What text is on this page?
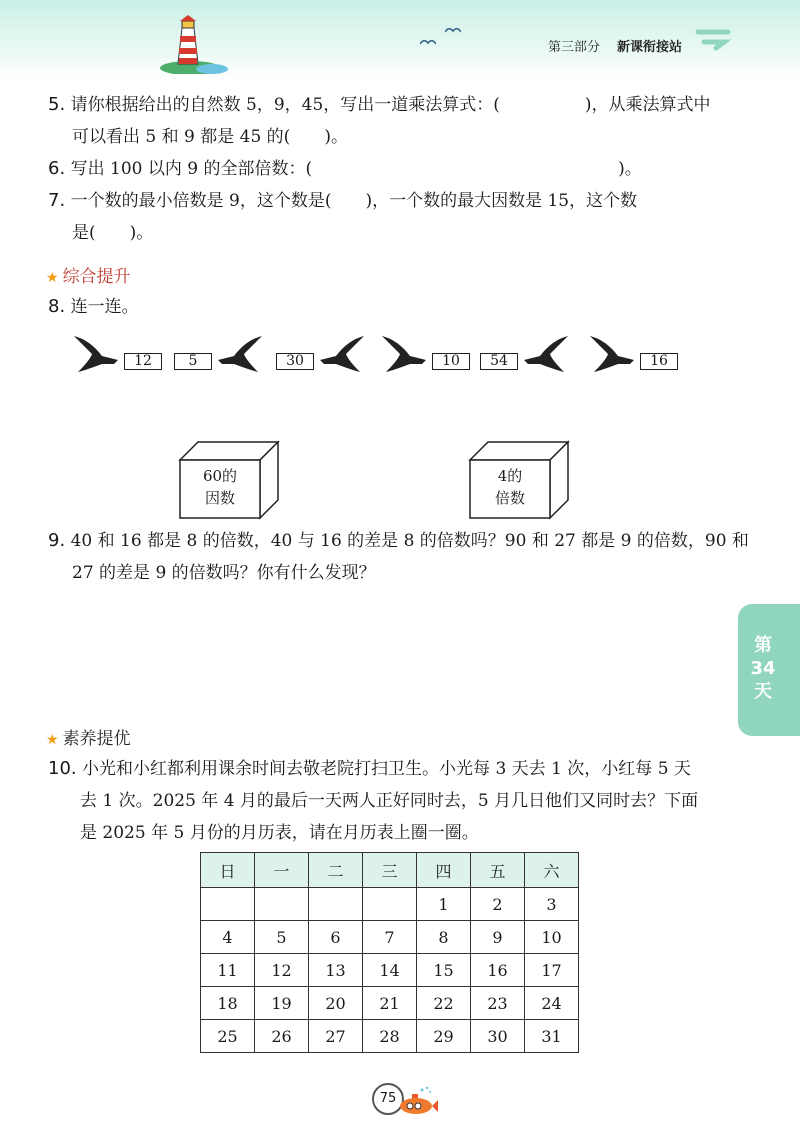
第三部分 新课衔接站
5. 请你根据给出的自然数 5，9，45，写出一道乘法算式：(　　　　　)，从乘法算式中
可以看出 5 和 9 都是 45 的(　　)。
6. 写出 100 以内 9 的全部倍数：(　　　　　　　　　　　　　　　　　　)。
7. 一个数的最小倍数是 9，这个数是(　　)，一个数的最大因数是 15，这个数
是(　　)。
★ 综合提升
8. 连一连。
12	5	30	10	54	16
60的
因数
4的
倍数
9. 40 和 16 都是 8 的倍数，40 与 16 的差是 8 的倍数吗？90 和 27 都是 9 的倍数，90 和
27 的差是 9 的倍数吗？你有什么发现？
第34天
★ 素养提优
10. 小光和小红都利用课余时间去敬老院打扫卫生。小光每 3 天去 1 次，小红每 5 天
去 1 次。2025 年 4 月的最后一天两人正好同时去，5 月几日他们又同时去？下面
是 2025 年 5 月份的月历表，请在月历表上圈一圈。
日	一	二	三	四	五	六
				1	2	3
4	5	6	7	8	9	10
11	12	13	14	15	16	17
18	19	20	21	22	23	24
25	26	27	28	29	30	31
75
